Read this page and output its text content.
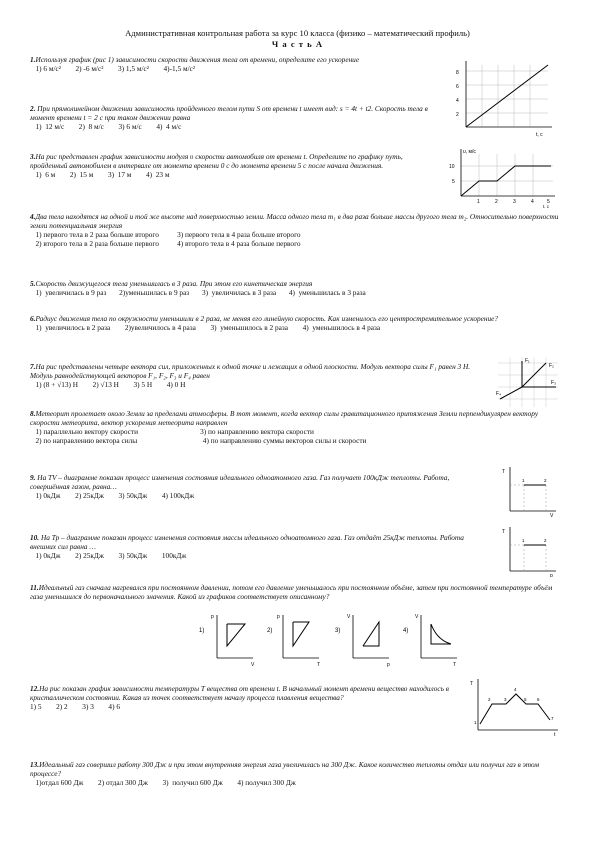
Административная контрольная работа за курс 10 класса (физико – математический профиль)
Ч а с т ь А
1.Используя график (рис 1) зависимости скорости движения тела от времени, определите его ускорение
1) 6 м/с²        2) -6 м/с²        3) 1,5 м/с²        4)-1,5 м/с²
2. При прямолинейном движении зависимость пройденного телом пути S от времени t имеет вид: s = 4t + t2. Скорость тела в момент времени t = 2 с при таком движении равна
1)  12 м/с        2)  8 м/с        3) 6 м/с        4)  4 м/с
3.На рис представлен график зависимости модуля υ скорости автомобиля от времени t. Определите по графику путь, пройденный автомобилем в интервале от момента времени 0 с до момента времени 5 с после начала движения.
1)  6 м        2)  15 м        3)  17 м        4)  23 м
4.Два тела находятся на одной и той же высоте над поверхностью земли. Масса одного тела m₁ в два раза больше массы другого тела m₂. Относительно поверхности земли потенциальная энергия
1) первого тела в 2 раза больше второго          3) первого тела в 4 раза больше второго
2) второго тела в 2 раза больше первого          4) второго тела в 4 раза больше первого
5.Скорость движущегося тела уменьшилась в 3 раза. При этом его кинетическая энергия
1)  увеличилась в 9 раз       2)уменьшилась в 9 раз       3)  увеличилась в 3 раза       4)  уменьшилась в 3 раза
6.Радиус движения тела по окружности уменьшили в 2 раза, не меняя его линейную скорость. Как изменилось его центростремительное ускорение?
1)  увеличилось в 2 раза        2)увеличилось в 4 раза        3)  уменьшилось в 2 раза        4)  уменьшилось в 4 раза
7.На рис представлены четыре вектора сил, приложенных к одной точке и лежащих в одной плоскости. Модуль вектора силы F₁ равен 3 Н. Модуль равнодействующей векторов F₁, F₂, F₃ и F₄ равен
1) (8 + √13) Н        2) √13 Н        3) 5 Н        4) 0 Н
8.Метеорит пролетает около Земли за пределами атмосферы. В тот момент, когда вектор силы гравитационного притяжения Земли перпендикулярен вектору скорости метеорита, вектор ускорения метеорита направлен
1) параллельно вектору скорости                                  3) по направлению вектора скорости
2) по направлению вектора силы                                    4) по направлению суммы векторов силы и скорости
9. На TV – диаграмме показан процесс изменения состояния идеального одноатомного газа. Газ получает 100кДж теплоты. Работа, совершённая газом, равна…
1) 0кДж        2) 25кДж        3) 50кДж        4) 100кДж
10. На Тр – диаграмме показан процесс изменения состояния массы идеального одноатомного газа. Газ отдаёт 25кДж теплоты. Работа внешних сил равна …
1) 0кДж        2) 25кДж        3) 50кДж        100кДж
11.Идеальный газ сначала нагревался при постоянном давлении, потом его давление уменьшалось при постоянном объёме, затем при постоянной температуре объём газа уменьшился до первоначального значения. Какой из графиков соответствует описанному?
12.На рис показан график зависимости температуры Т вещества от времени t. В начальный момент времени вещество находилось в кристаллическом состоянии. Какая из точек соответствует началу процесса плавления вещества?
1) 5        2) 2        3) 3        4) 6
13.Идеальный газ совершил работу 300 Дж и при этом внутренняя энергия газа увеличилась на 300 Дж. Какое количество теплоты отдал или получил газ в этом процессе?
1)отдал 600 Дж        2) отдал 300 Дж        3)  получил 600 Дж        4) получил 300 Дж
8
6
4
2
t, c
υ, м/с
10
5
1	2	3	4	5
t, c
F₁
F₂
F₃
F₄
T
V
1	2
T
p
1	2
1)
p
V
2)
p
T
3)
V
p
4)
V
T
T
t
1
2	3
4
5 6
7
